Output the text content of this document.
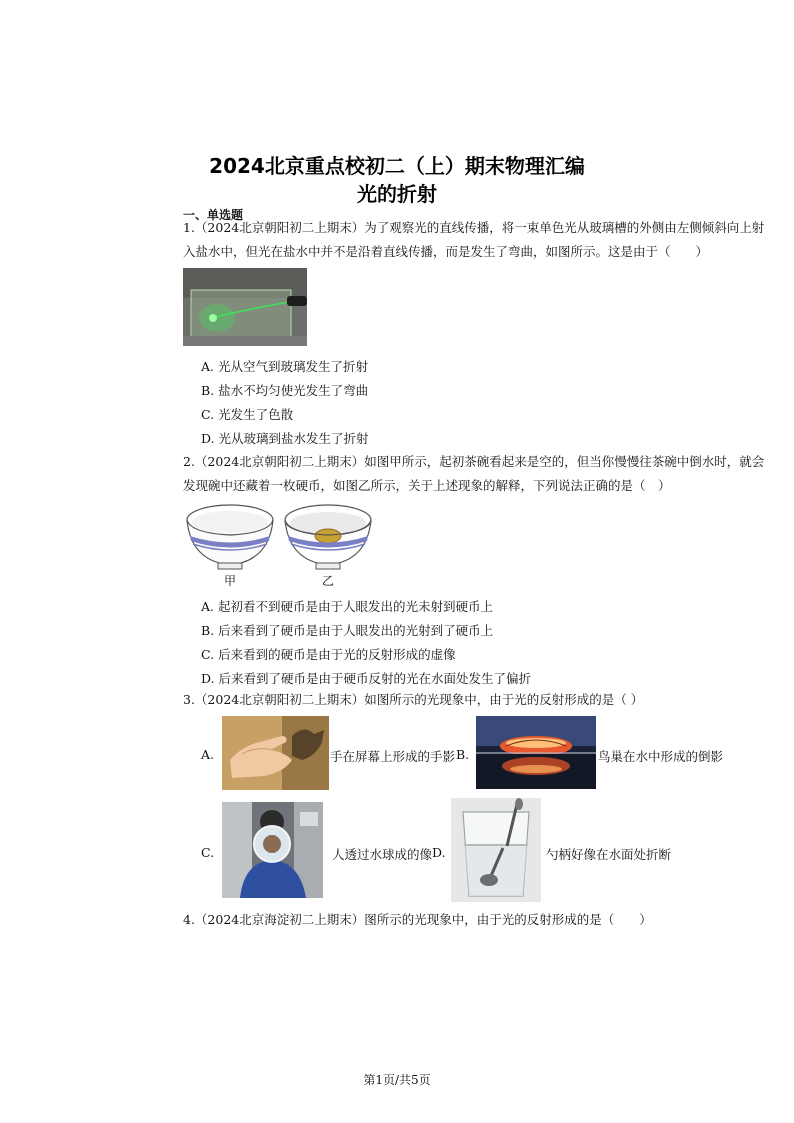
2024北京重点校初二（上）期末物理汇编
光的折射
一、单选题
1.（2024北京朝阳初二上期末）为了观察光的直线传播，将一束单色光从玻璃槽的外侧由左侧倾斜向上射
入盐水中，但光在盐水中并不是沿着直线传播，而是发生了弯曲，如图所示。这是由于（　　）
A. 光从空气到玻璃发生了折射
B. 盐水不均匀使光发生了弯曲
C. 光发生了色散
D. 光从玻璃到盐水发生了折射
2.（2024北京朝阳初二上期末）如图甲所示，起初茶碗看起来是空的，但当你慢慢往茶碗中倒水时，就会
发现碗中还藏着一枚硬币，如图乙所示，关于上述现象的解释，下列说法正确的是（　）
甲	乙
A. 起初看不到硬币是由于人眼发出的光未射到硬币上
B. 后来看到了硬币是由于人眼发出的光射到了硬币上
C. 后来看到的硬币是由于光的反射形成的虚像
D. 后来看到了硬币是由于硬币反射的光在水面处发生了偏折
3.（2024北京朝阳初二上期末）如图所示的光现象中，由于光的反射形成的是（ ）
A.	手在屏幕上形成的手影 B.	鸟巢在水中形成的倒影
C.	人透过水球成的像 D.	勺柄好像在水面处折断
4.（2024北京海淀初二上期末）图所示的光现象中，由于光的反射形成的是（　　）
第1页/共5页
